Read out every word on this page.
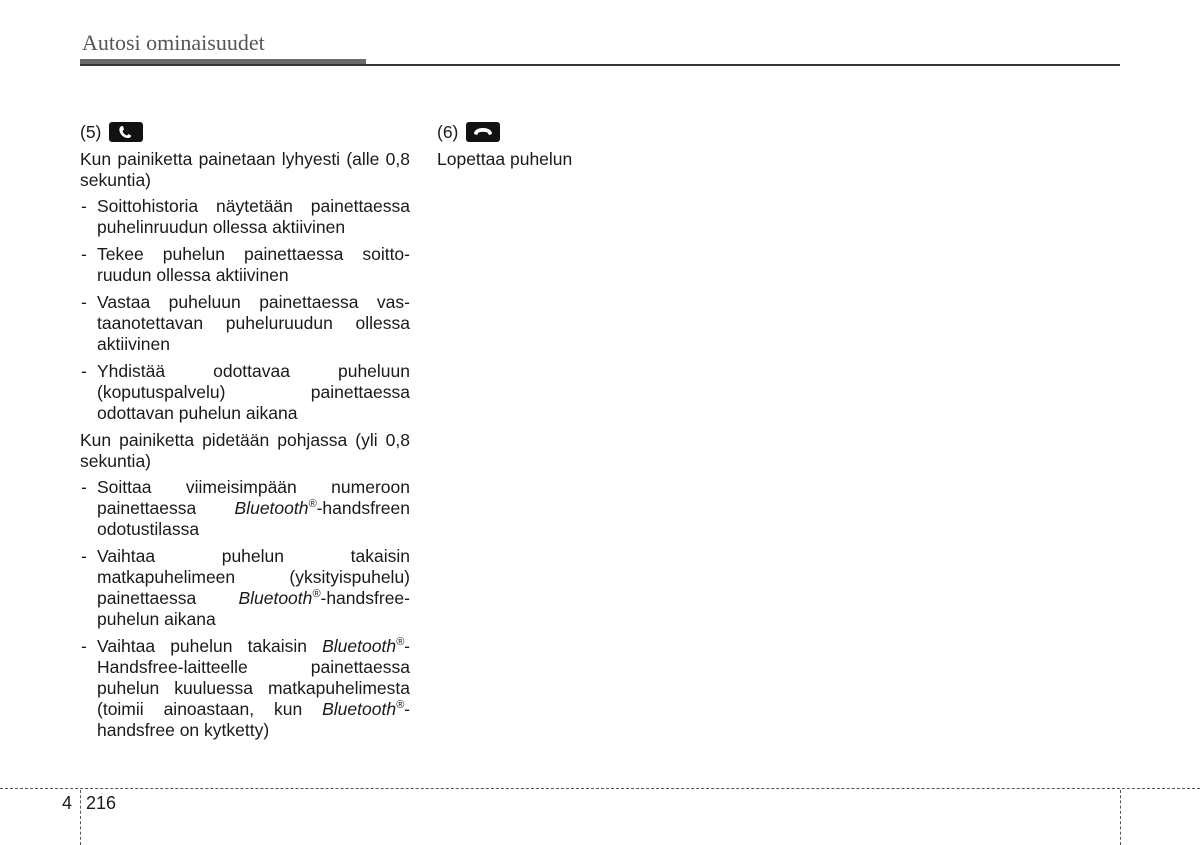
Autosi ominaisuudet
(5)

Kun painiketta painetaan lyhyesti (alle 0,8 sekuntia)

- Soittohistoria näytetään painettaessa puhelinruudun ollessa aktiivinen
- Tekee puhelun painettaessa soitto-ruudun ollessa aktiivinen
- Vastaa puheluun painettaessa vas-taanotettavan puheluruudun ollessa aktiivinen
- Yhdistää odottavaa puheluun (koputuspalvelu) painettaessa odottavan puhelun aikana

Kun painiketta pidetään pohjassa (yli 0,8 sekuntia)

- Soittaa viimeisimpään numeroon painettaessa Bluetooth®-handsfreen odotustilassa
- Vaihtaa puhelun takaisin matkapuhelimeen (yksityispuhelu) painettaessa Bluetooth®-handsfree-puhelun aikana
- Vaihtaa puhelun takaisin Bluetooth®-Handsfree-laitteelle painettaessa puhelun kuuluessa matkapuhelimesta (toimii ainoastaan, kun Bluetooth®-handsfree on kytketty)
(6)

Lopettaa puhelun

4 216
